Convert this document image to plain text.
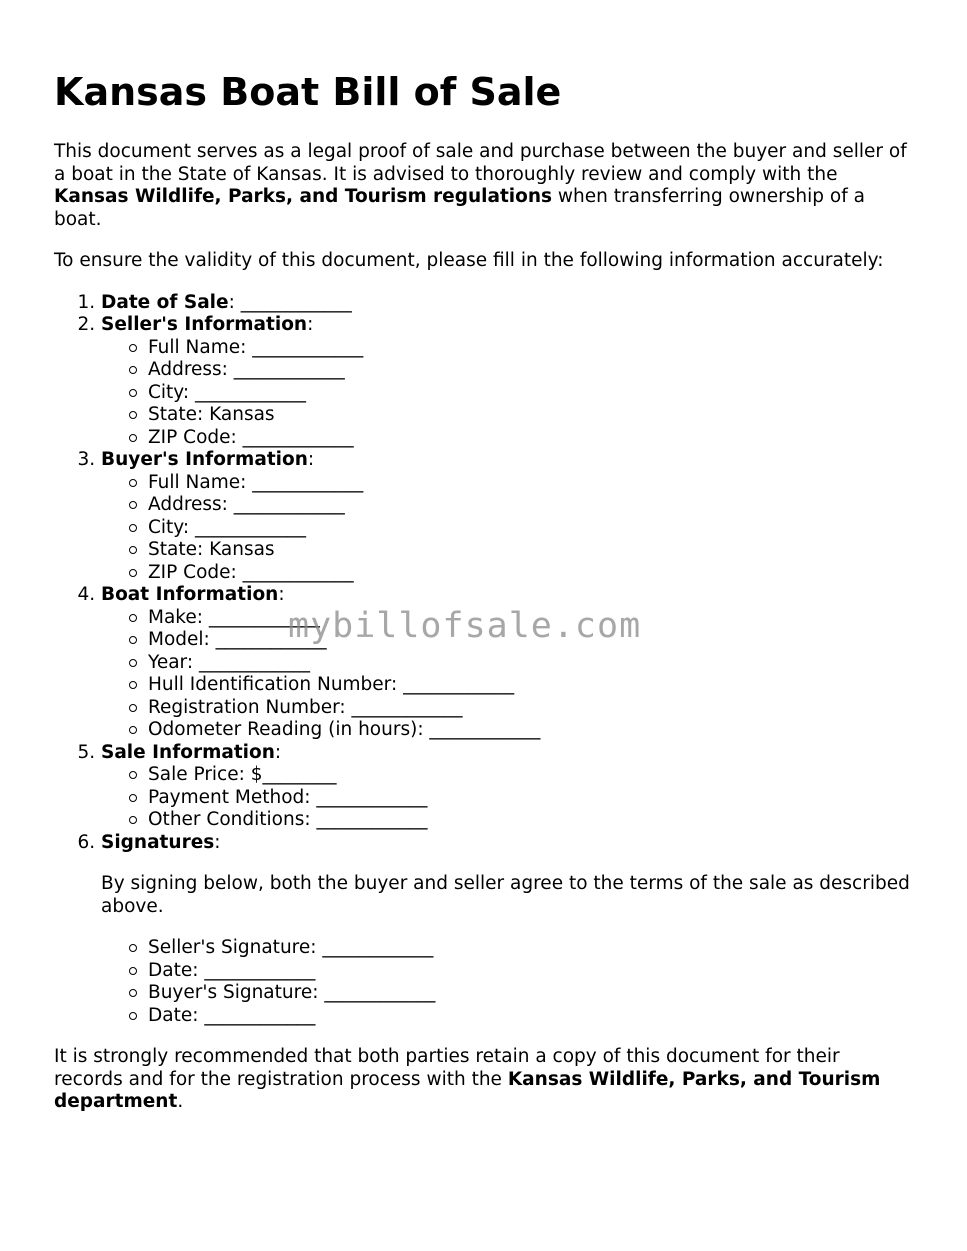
Kansas Boat Bill of Sale

This document serves as a legal proof of sale and purchase between the buyer and seller of a boat in the State of Kansas. It is advised to thoroughly review and comply with the Kansas Wildlife, Parks, and Tourism regulations when transferring ownership of a boat.

To ensure the validity of this document, please fill in the following information accurately:

1. Date of Sale: ____________
2. Seller's Information:
Full Name: ____________
Address: ____________
City: ____________
State: Kansas
ZIP Code: ____________
3. Buyer's Information:
Full Name: ____________
Address: ____________
City: ____________
State: Kansas
ZIP Code: ____________
4. Boat Information:
Make: ____________
Model: ____________
Year: ____________
Hull Identification Number: ____________
Registration Number: ____________
Odometer Reading (in hours): ____________
5. Sale Information:
Sale Price: $________
Payment Method: ____________
Other Conditions: ____________
6. Signatures:

By signing below, both the buyer and seller agree to the terms of the sale as described above.

Seller's Signature: ____________
Date: ____________
Buyer's Signature: ____________
Date: ____________

It is strongly recommended that both parties retain a copy of this document for their records and for the registration process with the Kansas Wildlife, Parks, and Tourism department.

mybillofsale.com
